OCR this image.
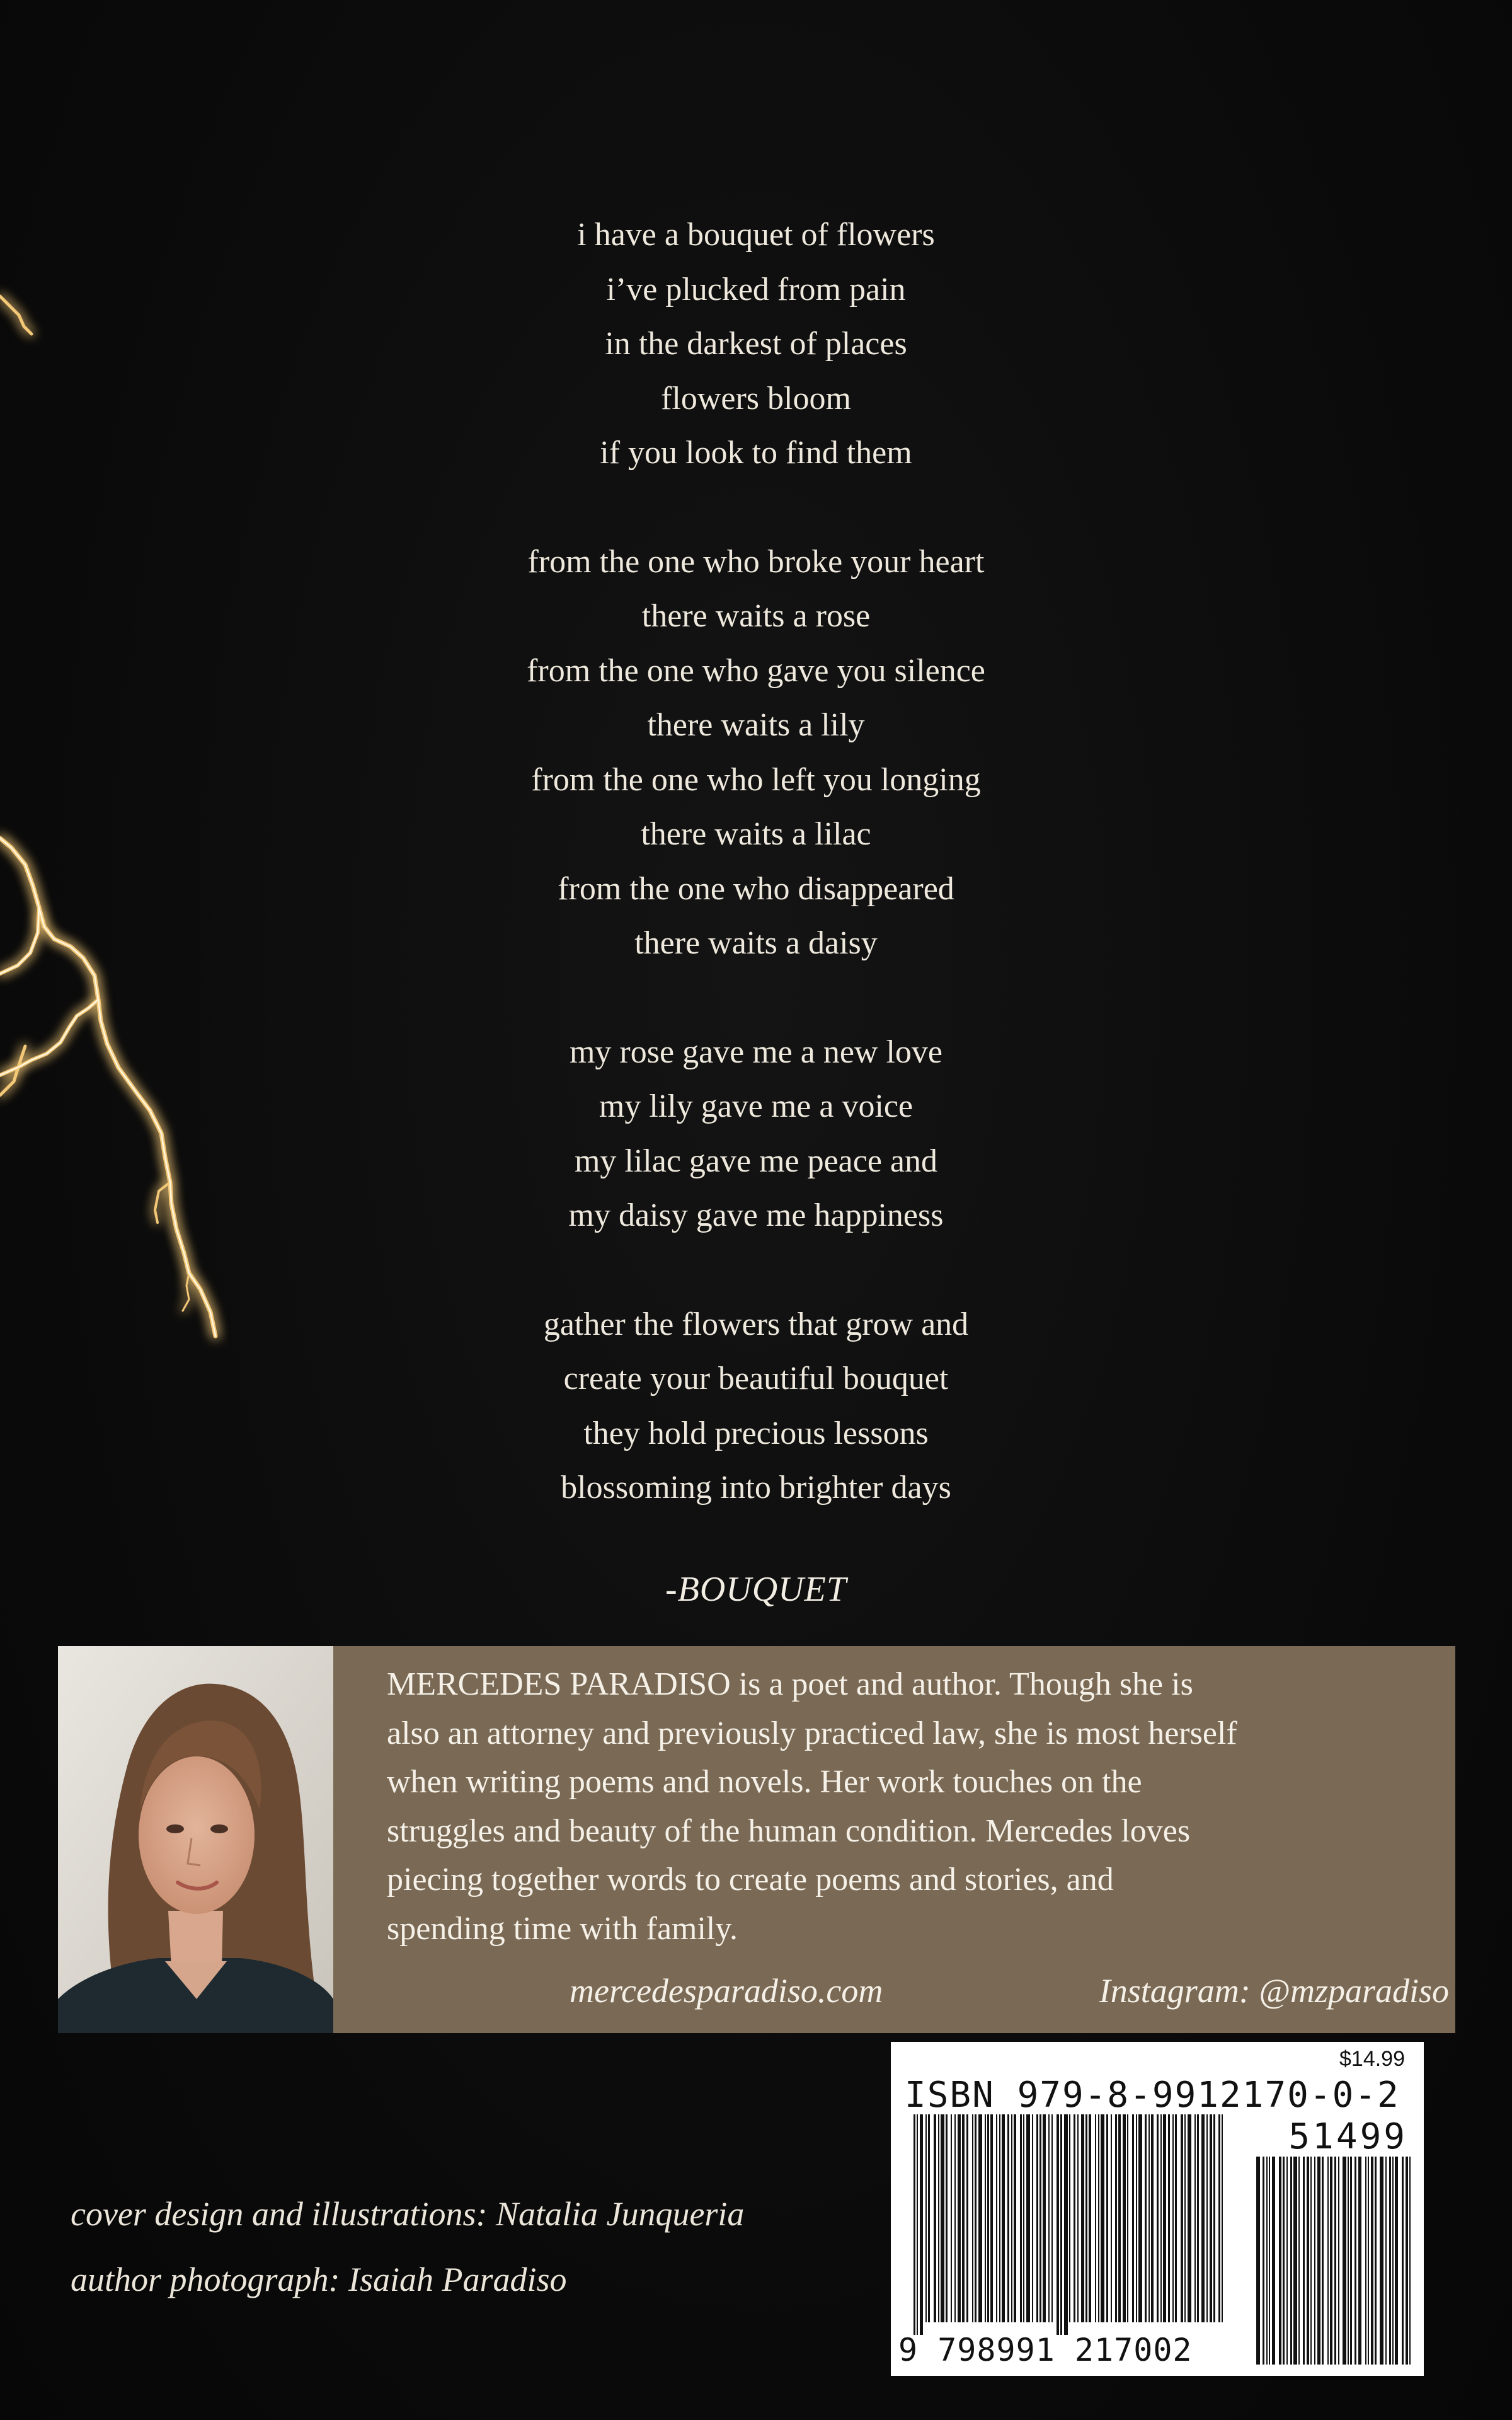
i have a bouquet of flowers
i’ve plucked from pain
in the darkest of places
flowers bloom
if you look to find them
from the one who broke your heart
there waits a rose
from the one who gave you silence
there waits a lily
from the one who left you longing
there waits a lilac
from the one who disappeared
there waits a daisy
my rose gave me a new love
my lily gave me a voice
my lilac gave me peace and
my daisy gave me happiness
gather the flowers that grow and
create your beautiful bouquet
they hold precious lessons
blossoming into brighter days
-BOUQUET
MERCEDES PARADISO is a poet and author. Though she is
also an attorney and previously practiced law, she is most herself
when writing poems and novels. Her work touches on the
struggles and beauty of the human condition. Mercedes loves
piecing together words to create poems and stories, and
spending time with family.
mercedesparadiso.com	Instagram: @mzparadiso
$14.99
ISBN 979-8-9912170-0-2
51499
9 798991 217002
cover design and illustrations: Natalia Junqueria
author photograph: Isaiah Paradiso
